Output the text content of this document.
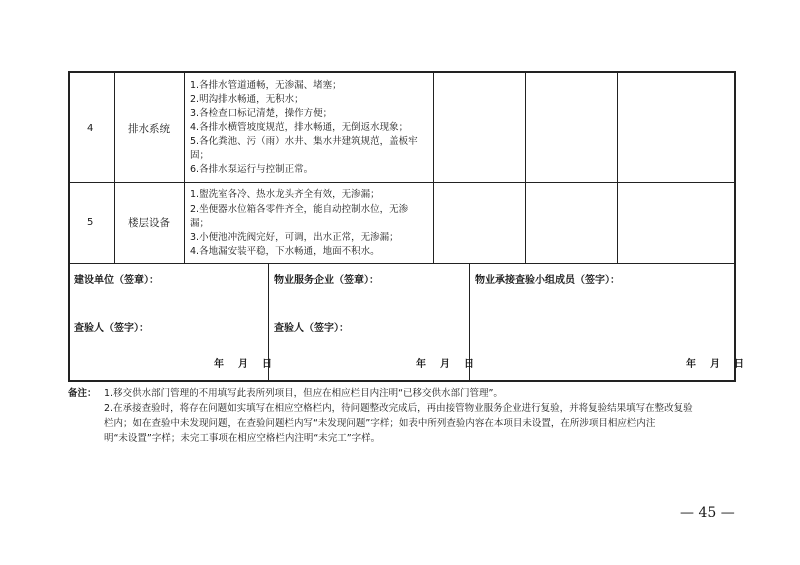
4	排水系统
1.各排水管道通畅，无渗漏、堵塞；
2.明沟排水畅通，无积水；
3.各检查口标记清楚，操作方便；
4.各排水横管坡度规范，排水畅通，无倒返水现象；
5.各化粪池、污（雨）水井、集水井建筑规范，盖板牢
固；
6.各排水泵运行与控制正常。
5	楼层设备
1.盥洗室各冷、热水龙头齐全有效，无渗漏；
2.坐便器水位箱各零件齐全，能自动控制水位，无渗
漏；
3.小便池冲洗阀完好，可调，出水正常，无渗漏；
4.各地漏安装平稳，下水畅通，地面不积水。
建设单位（签章）：
查验人（签字）：
年 月 日
物业服务企业（签章）：
查验人（签字）：
年 月 日
物业承接查验小组成员（签字）：
年 月 日
备注： 1.移交供水部门管理的不用填写此表所列项目，但应在相应栏目内注明“已移交供水部门管理”。
2.在承接查验时，将存在问题如实填写在相应空格栏内，待问题整改完成后，再由接管物业服务企业进行复验，并将复验结果填写在整改复验
栏内；如在查验中未发现问题，在查验问题栏内写“未发现问题”字样；如表中所列查验内容在本项目未设置，在所涉项目相应栏内注
明“未设置”字样；未完工事项在相应空格栏内注明“未完工”字样。
— 45 —
